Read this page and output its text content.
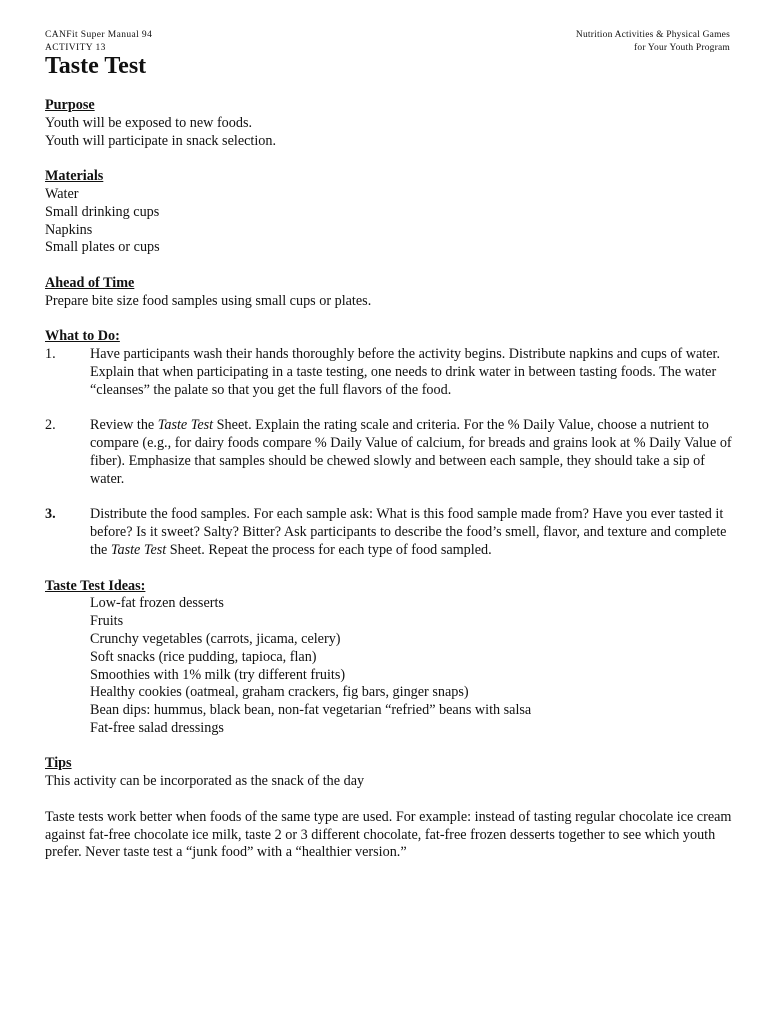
CANFit Super Manual 94
ACTIVITY 13
Nutrition Activities & Physical Games
for Your Youth Program
Taste Test
Purpose
Youth will be exposed to new foods.
Youth will participate in snack selection.
Materials
Water
Small drinking cups
Napkins
Small plates or cups
Ahead of Time
Prepare bite size food samples using small cups or plates.
What to Do:
1.	Have participants wash their hands thoroughly before the activity begins. Distribute napkins and cups of water. Explain that when participating in a taste testing, one needs to drink water in between tasting foods. The water “cleanses” the palate so that you get the full flavors of the food.
2.	Review the Taste Test Sheet. Explain the rating scale and criteria. For the % Daily Value, choose a nutrient to compare (e.g., for dairy foods compare % Daily Value of calcium, for breads and grains look at % Daily Value of fiber). Emphasize that samples should be chewed slowly and between each sample, they should take a sip of water.
3.	Distribute the food samples. For each sample ask: What is this food sample made from? Have you ever tasted it before? Is it sweet? Salty? Bitter? Ask participants to describe the food’s smell, flavor, and texture and complete the Taste Test Sheet. Repeat the process for each type of food sampled.
Taste Test Ideas:
Low-fat frozen desserts
Fruits
Crunchy vegetables (carrots, jicama, celery)
Soft snacks (rice pudding, tapioca, flan)
Smoothies with 1% milk (try different fruits)
Healthy cookies (oatmeal, graham crackers, fig bars, ginger snaps)
Bean dips: hummus, black bean, non-fat vegetarian “refried” beans with salsa
Fat-free salad dressings
Tips
This activity can be incorporated as the snack of the day
Taste tests work better when foods of the same type are used. For example: instead of tasting regular chocolate ice cream against fat-free chocolate ice milk, taste 2 or 3 different chocolate, fat-free frozen desserts together to see which youth prefer. Never taste test a “junk food” with a “healthier version.”
